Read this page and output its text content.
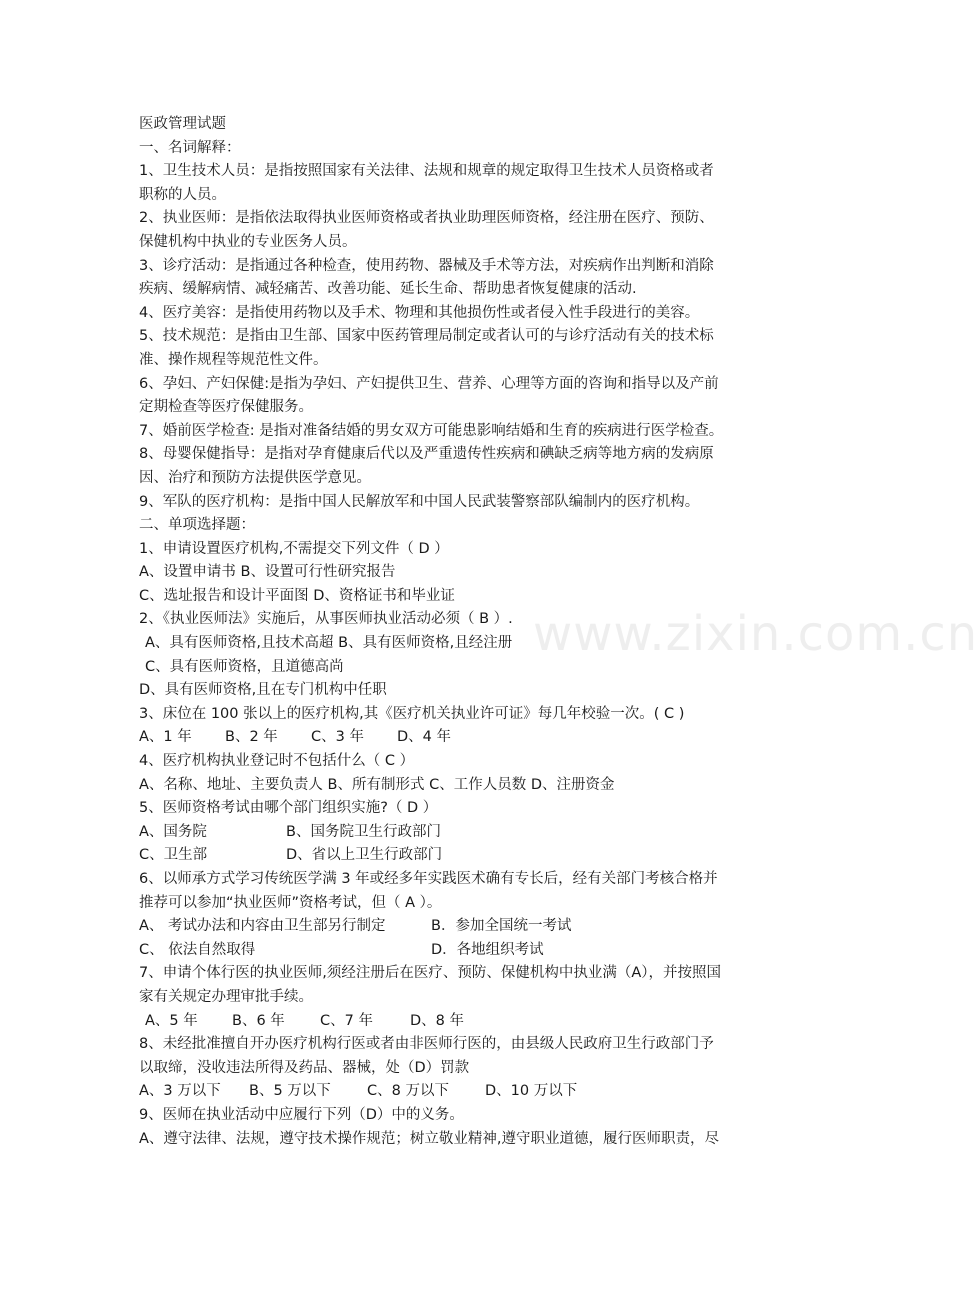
www.zixin.com.cn
医政管理试题
一、名词解释：
1、卫生技术人员：是指按照国家有关法律、法规和规章的规定取得卫生技术人员资格或者
职称的人员。
2、执业医师：是指依法取得执业医师资格或者执业助理医师资格，经注册在医疗、预防、
保健机构中执业的专业医务人员。
3、诊疗活动：是指通过各种检查，使用药物、器械及手术等方法，对疾病作出判断和消除
疾病、缓解病情、减轻痛苦、改善功能、延长生命、帮助患者恢复健康的活动.
4、医疗美容：是指使用药物以及手术、物理和其他损伤性或者侵入性手段进行的美容。
5、技术规范：是指由卫生部、国家中医药管理局制定或者认可的与诊疗活动有关的技术标
准、操作规程等规范性文件。
6、孕妇、产妇保健:是指为孕妇、产妇提供卫生、营养、心理等方面的咨询和指导以及产前
定期检查等医疗保健服务。
7、婚前医学检查: 是指对准备结婚的男女双方可能患影响结婚和生育的疾病进行医学检查。
8、母婴保健指导：是指对孕育健康后代以及严重遗传性疾病和碘缺乏病等地方病的发病原
因、治疗和预防方法提供医学意见。
9、军队的医疗机构：是指中国人民解放军和中国人民武装警察部队编制内的医疗机构。
二、单项选择题：
1、申请设置医疗机构,不需提交下列文件（ D ）
A、设置申请书 B、设置可行性研究报告
C、选址报告和设计平面图 D、资格证书和毕业证
2、《执业医师法》实施后，从事医师执业活动必须（ B ）.
A、具有医师资格,且技术高超 B、具有医师资格,且经注册
C、具有医师资格，且道德高尚
D、具有医师资格,且在专门机构中任职
3、床位在 100 张以上的医疗机构,其《医疗机关执业许可证》每几年校验一次。( C )
A、1 年 B、2 年 C、3 年 D、4 年
4、医疗机构执业登记时不包括什么（ C ）
A、名称、地址、主要负责人 B、所有制形式 C、工作人员数 D、注册资金
5、医师资格考试由哪个部门组织实施?（ D ）
A、国务院	B、国务院卫生行政部门
C、卫生部	D、省以上卫生行政部门
6、以师承方式学习传统医学满 3 年或经多年实践医术确有专长后，经有关部门考核合格并
推荐可以参加“执业医师”资格考试，但（ A ）。
A、 考试办法和内容由卫生部另行制定	B．参加全国统一考试
C、 依法自然取得	D．各地组织考试
7、申请个体行医的执业医师,须经注册后在医疗、预防、保健机构中执业满（A），并按照国
家有关规定办理审批手续。
A、5 年 B、6 年 C、7 年	D、8 年
8、未经批准擅自开办医疗机构行医或者由非医师行医的，由县级人民政府卫生行政部门予
以取缔，没收违法所得及药品、器械，处（D）罚款
A、3 万以下 B、5 万以下 C、8 万以下 D、10 万以下
9、医师在执业活动中应履行下列（D）中的义务。
A、遵守法律、法规，遵守技术操作规范；树立敬业精神,遵守职业道德，履行医师职责，尽
